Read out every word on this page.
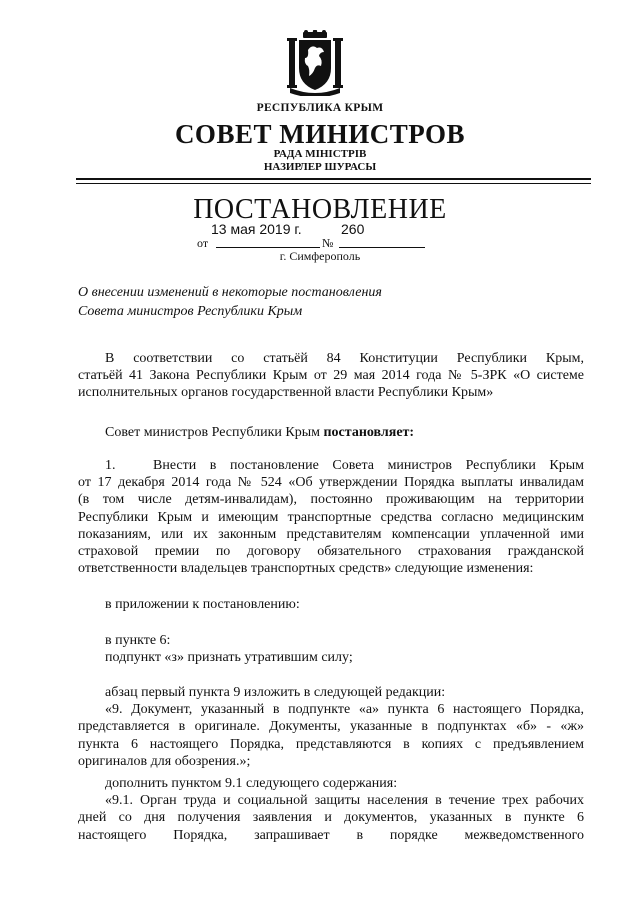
РЕСПУБЛИКА КРЫМ
СОВЕТ МИНИСТРОВ
РАДА МІНІСТРІВ
НАЗИРЛЕР ШУРАСЫ
ПОСТАНОВЛЕНИЕ
13 мая 2019 г.	260
от	№
г. Симферополь
О внесении изменений в некоторые постановления
Совета министров Республики Крым
В соответствии со статьёй 84 Конституции Республики Крым,
статьёй 41 Закона Республики Крым от 29 мая 2014 года № 5-ЗРК «О системе
исполнительных органов государственной власти Республики Крым»
Совет министров Республики Крым постановляет:
1.	Внести в постановление Совета министров Республики Крым
от 17 декабря 2014 года № 524 «Об утверждении Порядка выплаты инвалидам
(в том числе детям-инвалидам), постоянно проживающим на территории
Республики Крым и имеющим транспортные средства согласно медицинским
показаниям, или их законным представителям компенсации уплаченной ими
страховой премии по договору обязательного страхования гражданской
ответственности владельцев транспортных средств» следующие изменения:
в приложении к постановлению:
в пункте 6:
подпункт «з» признать утратившим силу;
абзац первый пункта 9 изложить в следующей редакции:
«9. Документ, указанный в подпункте «а» пункта 6 настоящего Порядка,
представляется в оригинале. Документы, указанные в подпунктах «б» - «ж»
пункта 6 настоящего Порядка, представляются в копиях с предъявлением
оригиналов для обозрения.»;
дополнить пунктом 9.1 следующего содержания:
«9.1. Орган труда и социальной защиты населения в течение трех рабочих
дней со дня получения заявления и документов, указанных в пункте 6
настоящего Порядка, запрашивает в порядке межведомственного
